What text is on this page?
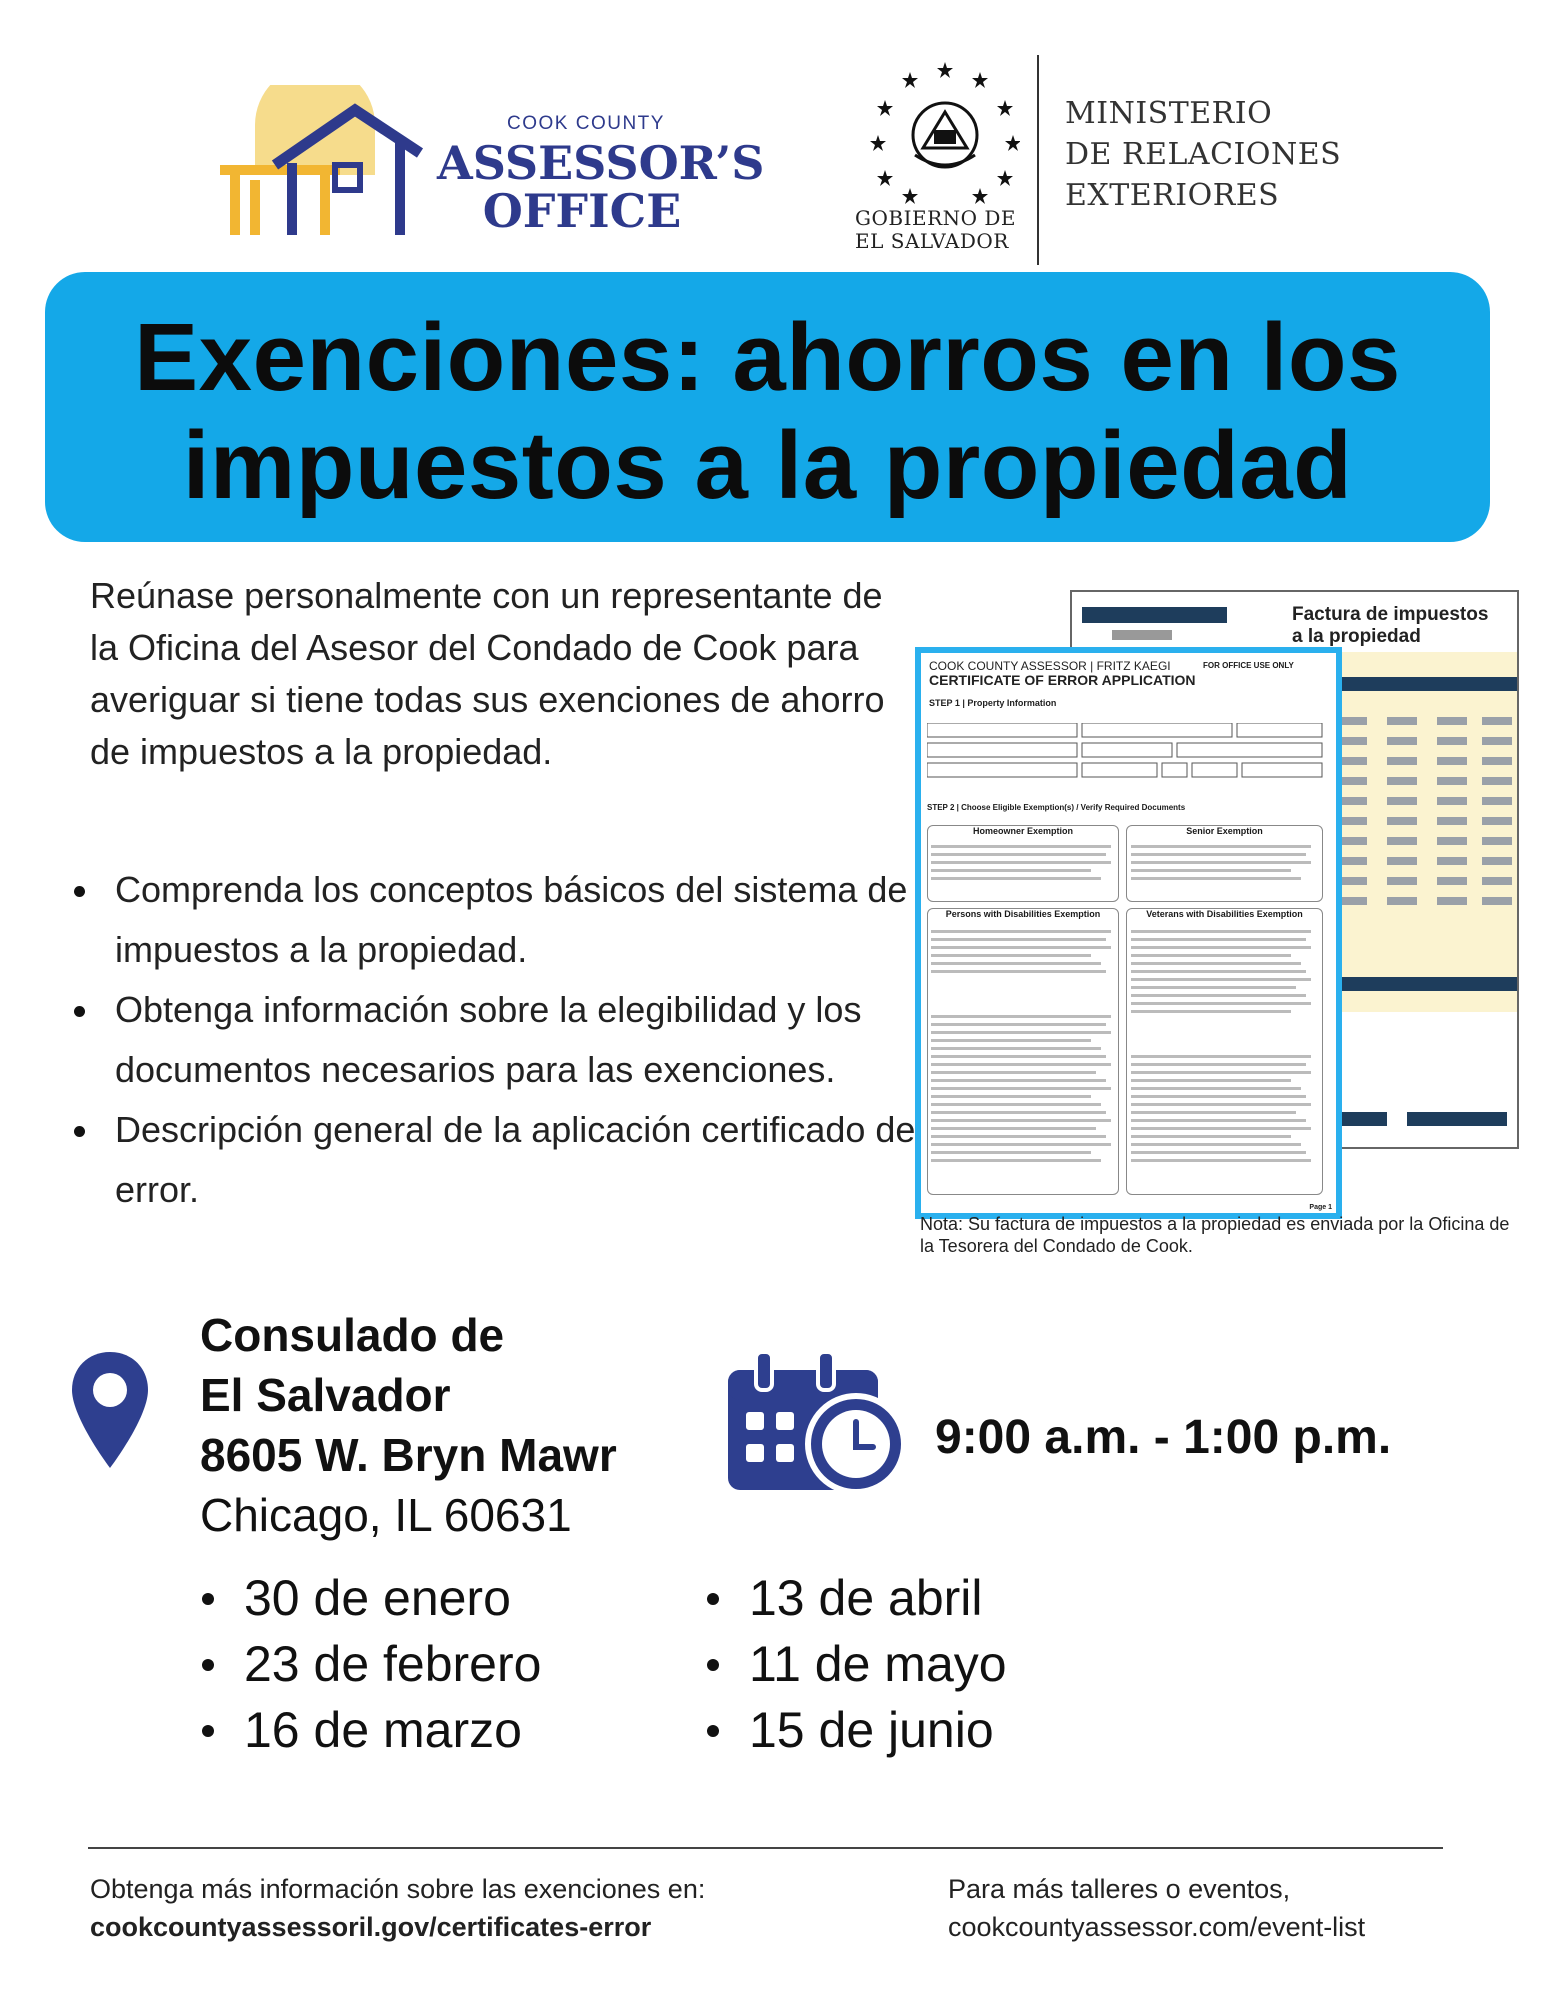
COOK COUNTY
ASSESSOR’S
OFFICE	GOBIERNO DE
EL SALVADOR
MINISTERIO
DE RELACIONES
EXTERIORES
Exenciones: ahorros en los
impuestos a la propiedad
Reúnase personalmente con un representante de la Oficina del Asesor del Condado de Cook para averiguar si tiene todas sus exenciones de ahorro de impuestos a la propiedad.
Comprenda los conceptos básicos del sistema de impuestos a la propiedad.
Obtenga información sobre la elegibilidad y los documentos necesarios para las exenciones.
Descripción general de la aplicación certificado de error.
Factura de impuestos
a la propiedad
COOK COUNTY ASSESSOR | FRITZ KAEGI
CERTIFICATE OF ERROR APPLICATION
STEP 1 | Property Information
FOR OFFICE USE ONLY
STEP 2 | Choose Eligible Exemption(s) / Verify Required Documents
Homeowner Exemption	Senior Exemption
Persons with Disabilities Exemption	Veterans with Disabilities Exemption
Page 1
Nota: Su factura de impuestos a la propiedad es enviada por la Oficina de la Tesorera del Condado de Cook.
Consulado de
El Salvador
8605 W. Bryn Mawr
Chicago, IL 60631
9:00 a.m. - 1:00 p.m.
30 de enero
23 de febrero
16 de marzo
13 de abril
11 de mayo
15 de junio
Obtenga más información sobre las exenciones en:
cookcountyassessoril.gov/certificates-error
Para más talleres o eventos,
cookcountyassessor.com/event-list
